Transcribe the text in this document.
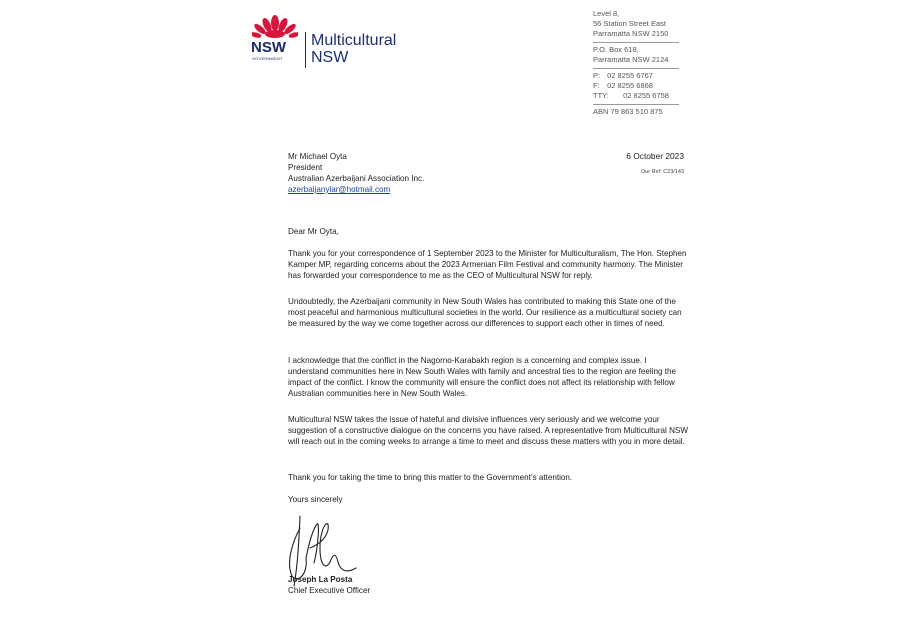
NSW
GOVERNMENT
Multicultural
NSW
Level 8,
56 Station Street East
Parramatta NSW 2150
P.O. Box 618,
Parramatta NSW 2124
P: 02 8255 6767
F: 02 8255 6868
TTY: 02 8255 6758
ABN 79 863 510 875
Mr Michael Oyta
President
Australian Azerbaijani Association Inc.
azerbaijanylar@hotmail.com
6 October 2023
Our Ref: C23/143
Dear Mr Oyta,
Thank you for your correspondence of 1 September 2023 to the Minister for Multiculturalism, The Hon. Stephen Kamper MP, regarding concerns about the 2023 Armenian Film Festival and community harmony. The Minister has forwarded your correspondence to me as the CEO of Multicultural NSW for reply.
Undoubtedly, the Azerbaijani community in New South Wales has contributed to making this State one of the most peaceful and harmonious multicultural societies in the world. Our resilience as a multicultural society can be measured by the way we come together across our differences to support each other in times of need.
I acknowledge that the conflict in the Nagorno-Karabakh region is a concerning and complex issue. I understand communities here in New South Wales with family and ancestral ties to the region are feeling the impact of the conflict. I know the community will ensure the conflict does not affect its relationship with fellow Australian communities here in New South Wales.
Multicultural NSW takes the issue of hateful and divisive influences very seriously and we welcome your suggestion of a constructive dialogue on the concerns you have raised. A representative from Multicultural NSW will reach out in the coming weeks to arrange a time to meet and discuss these matters with you in more detail.
Thank you for taking the time to bring this matter to the Government’s attention.
Yours sincerely
Joseph La Posta
Chief Executive Officer
